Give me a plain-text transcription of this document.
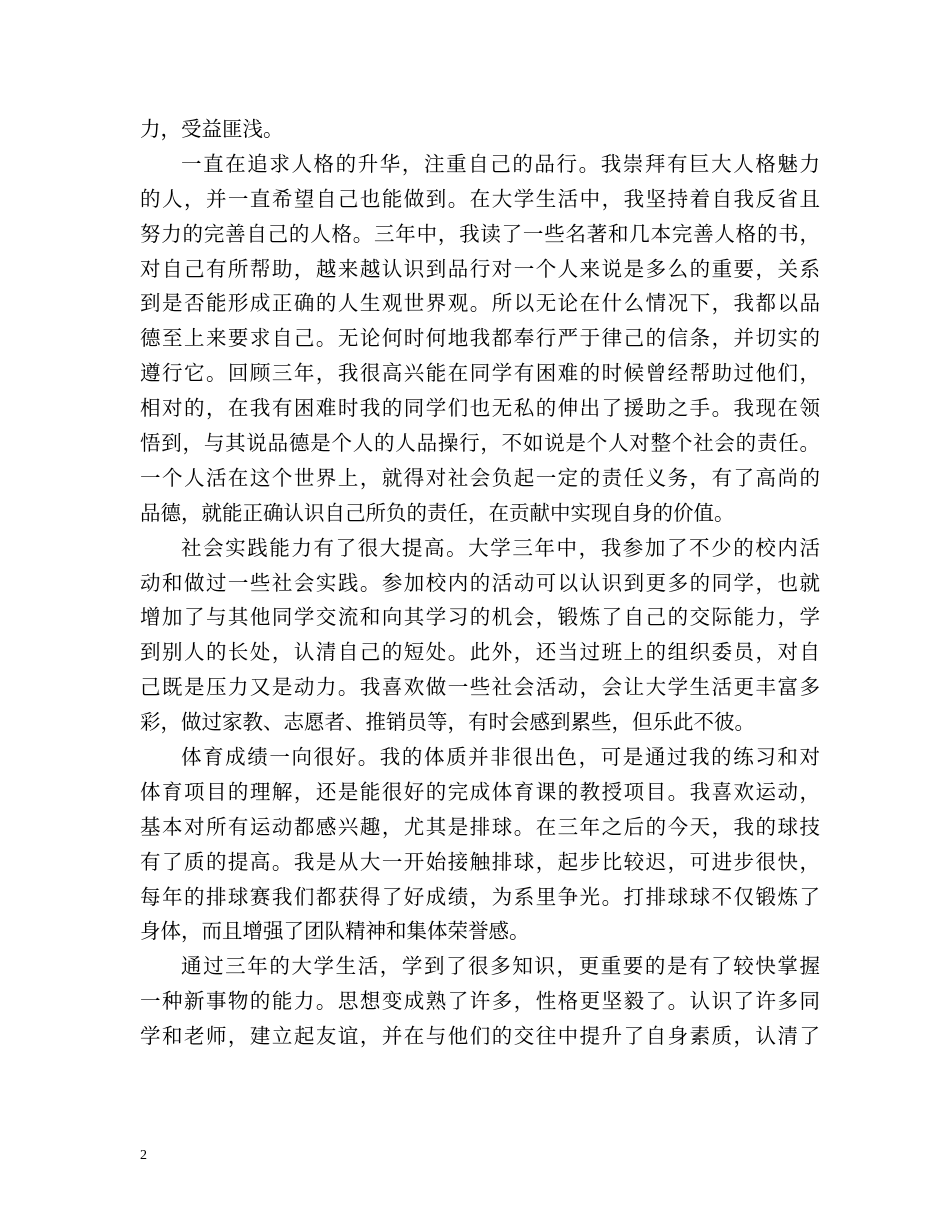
力，受益匪浅。
一直在追求人格的升华，注重自己的品行。我崇拜有巨大人格魅力
的人，并一直希望自己也能做到。在大学生活中，我坚持着自我反省且
努力的完善自己的人格。三年中，我读了一些名著和几本完善人格的书，
对自己有所帮助，越来越认识到品行对一个人来说是多么的重要，关系
到是否能形成正确的人生观世界观。所以无论在什么情况下，我都以品
德至上来要求自己。无论何时何地我都奉行严于律己的信条，并切实的
遵行它。回顾三年，我很高兴能在同学有困难的时候曾经帮助过他们，
相对的，在我有困难时我的同学们也无私的伸出了援助之手。我现在领
悟到，与其说品德是个人的人品操行，不如说是个人对整个社会的责任。
一个人活在这个世界上，就得对社会负起一定的责任义务，有了高尚的
品德，就能正确认识自己所负的责任，在贡献中实现自身的价值。
社会实践能力有了很大提高。大学三年中，我参加了不少的校内活
动和做过一些社会实践。参加校内的活动可以认识到更多的同学，也就
增加了与其他同学交流和向其学习的机会，锻炼了自己的交际能力，学
到别人的长处，认清自己的短处。此外，还当过班上的组织委员，对自
己既是压力又是动力。我喜欢做一些社会活动，会让大学生活更丰富多
彩，做过家教、志愿者、推销员等，有时会感到累些，但乐此不彼。
体育成绩一向很好。我的体质并非很出色，可是通过我的练习和对
体育项目的理解，还是能很好的完成体育课的教授项目。我喜欢运动，
基本对所有运动都感兴趣，尤其是排球。在三年之后的今天，我的球技
有了质的提高。我是从大一开始接触排球，起步比较迟，可进步很快，
每年的排球赛我们都获得了好成绩，为系里争光。打排球球不仅锻炼了
身体，而且增强了团队精神和集体荣誉感。
通过三年的大学生活，学到了很多知识，更重要的是有了较快掌握
一种新事物的能力。思想变成熟了许多，性格更坚毅了。认识了许多同
学和老师，建立起友谊，并在与他们的交往中提升了自身素质，认清了
2
